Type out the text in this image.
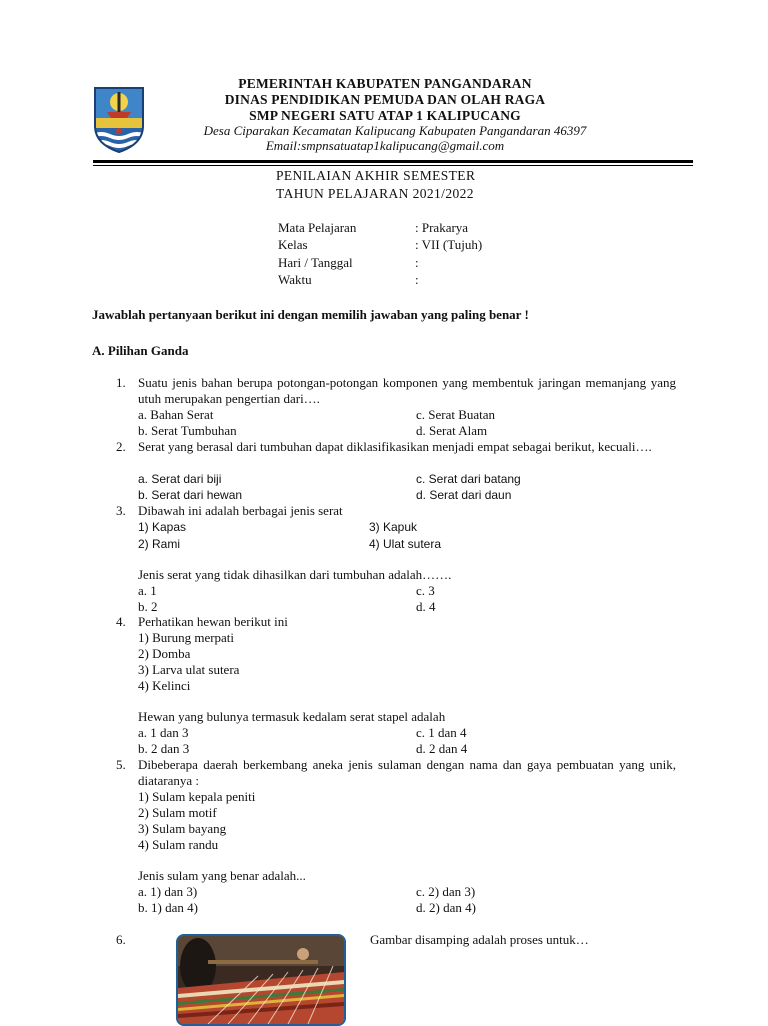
PEMERINTAH KABUPATEN PANGANDARAN
DINAS PENDIDIKAN PEMUDA DAN OLAH RAGA
SMP NEGERI SATU ATAP 1 KALIPUCANG
Desa Ciparakan Kecamatan Kalipucang Kabupaten Pangandaran 46397
Email:smpnsatuatap1kalipucang@gmail.com
PENILAIAN AKHIR SEMESTER
TAHUN PELAJARAN 2021/2022
Mata Pelajaran	: Prakarya
Kelas	: VII (Tujuh)
Hari / Tanggal	:
Waktu	:
Jawablah pertanyaan berikut ini dengan memilih jawaban yang paling benar !
A. Pilihan Ganda
1. Suatu jenis bahan berupa potongan-potongan komponen yang membentuk jaringan memanjang yang utuh merupakan pengertian dari….
a. Bahan Serat	c. Serat Buatan
b. Serat Tumbuhan	d. Serat Alam
2. Serat yang berasal dari tumbuhan dapat diklasifikasikan menjadi empat sebagai berikut, kecuali….
a. Serat dari biji	c. Serat dari batang
b. Serat dari hewan	d. Serat dari daun
3. Dibawah ini adalah berbagai jenis serat
1) Kapas	3) Kapuk
2) Rami	4) Ulat sutera
Jenis serat yang tidak dihasilkan dari tumbuhan adalah…….
a. 1	c. 3
b. 2	d. 4
4. Perhatikan hewan berikut ini
1) Burung merpati
2) Domba
3) Larva ulat sutera
4) Kelinci
Hewan yang bulunya termasuk kedalam serat stapel adalah
a. 1 dan 3	c. 1 dan 4
b. 2 dan 3	d. 2 dan 4
5. Dibeberapa daerah berkembang aneka jenis sulaman dengan nama dan gaya pembuatan yang unik, diataranya :
1) Sulam kepala peniti
2) Sulam motif
3) Sulam bayang
4) Sulam randu
Jenis sulam yang benar adalah...
a. 1) dan 3)	c. 2) dan 3)
b. 1) dan 4)	d. 2) dan 4)
6.	Gambar disamping adalah proses untuk…
